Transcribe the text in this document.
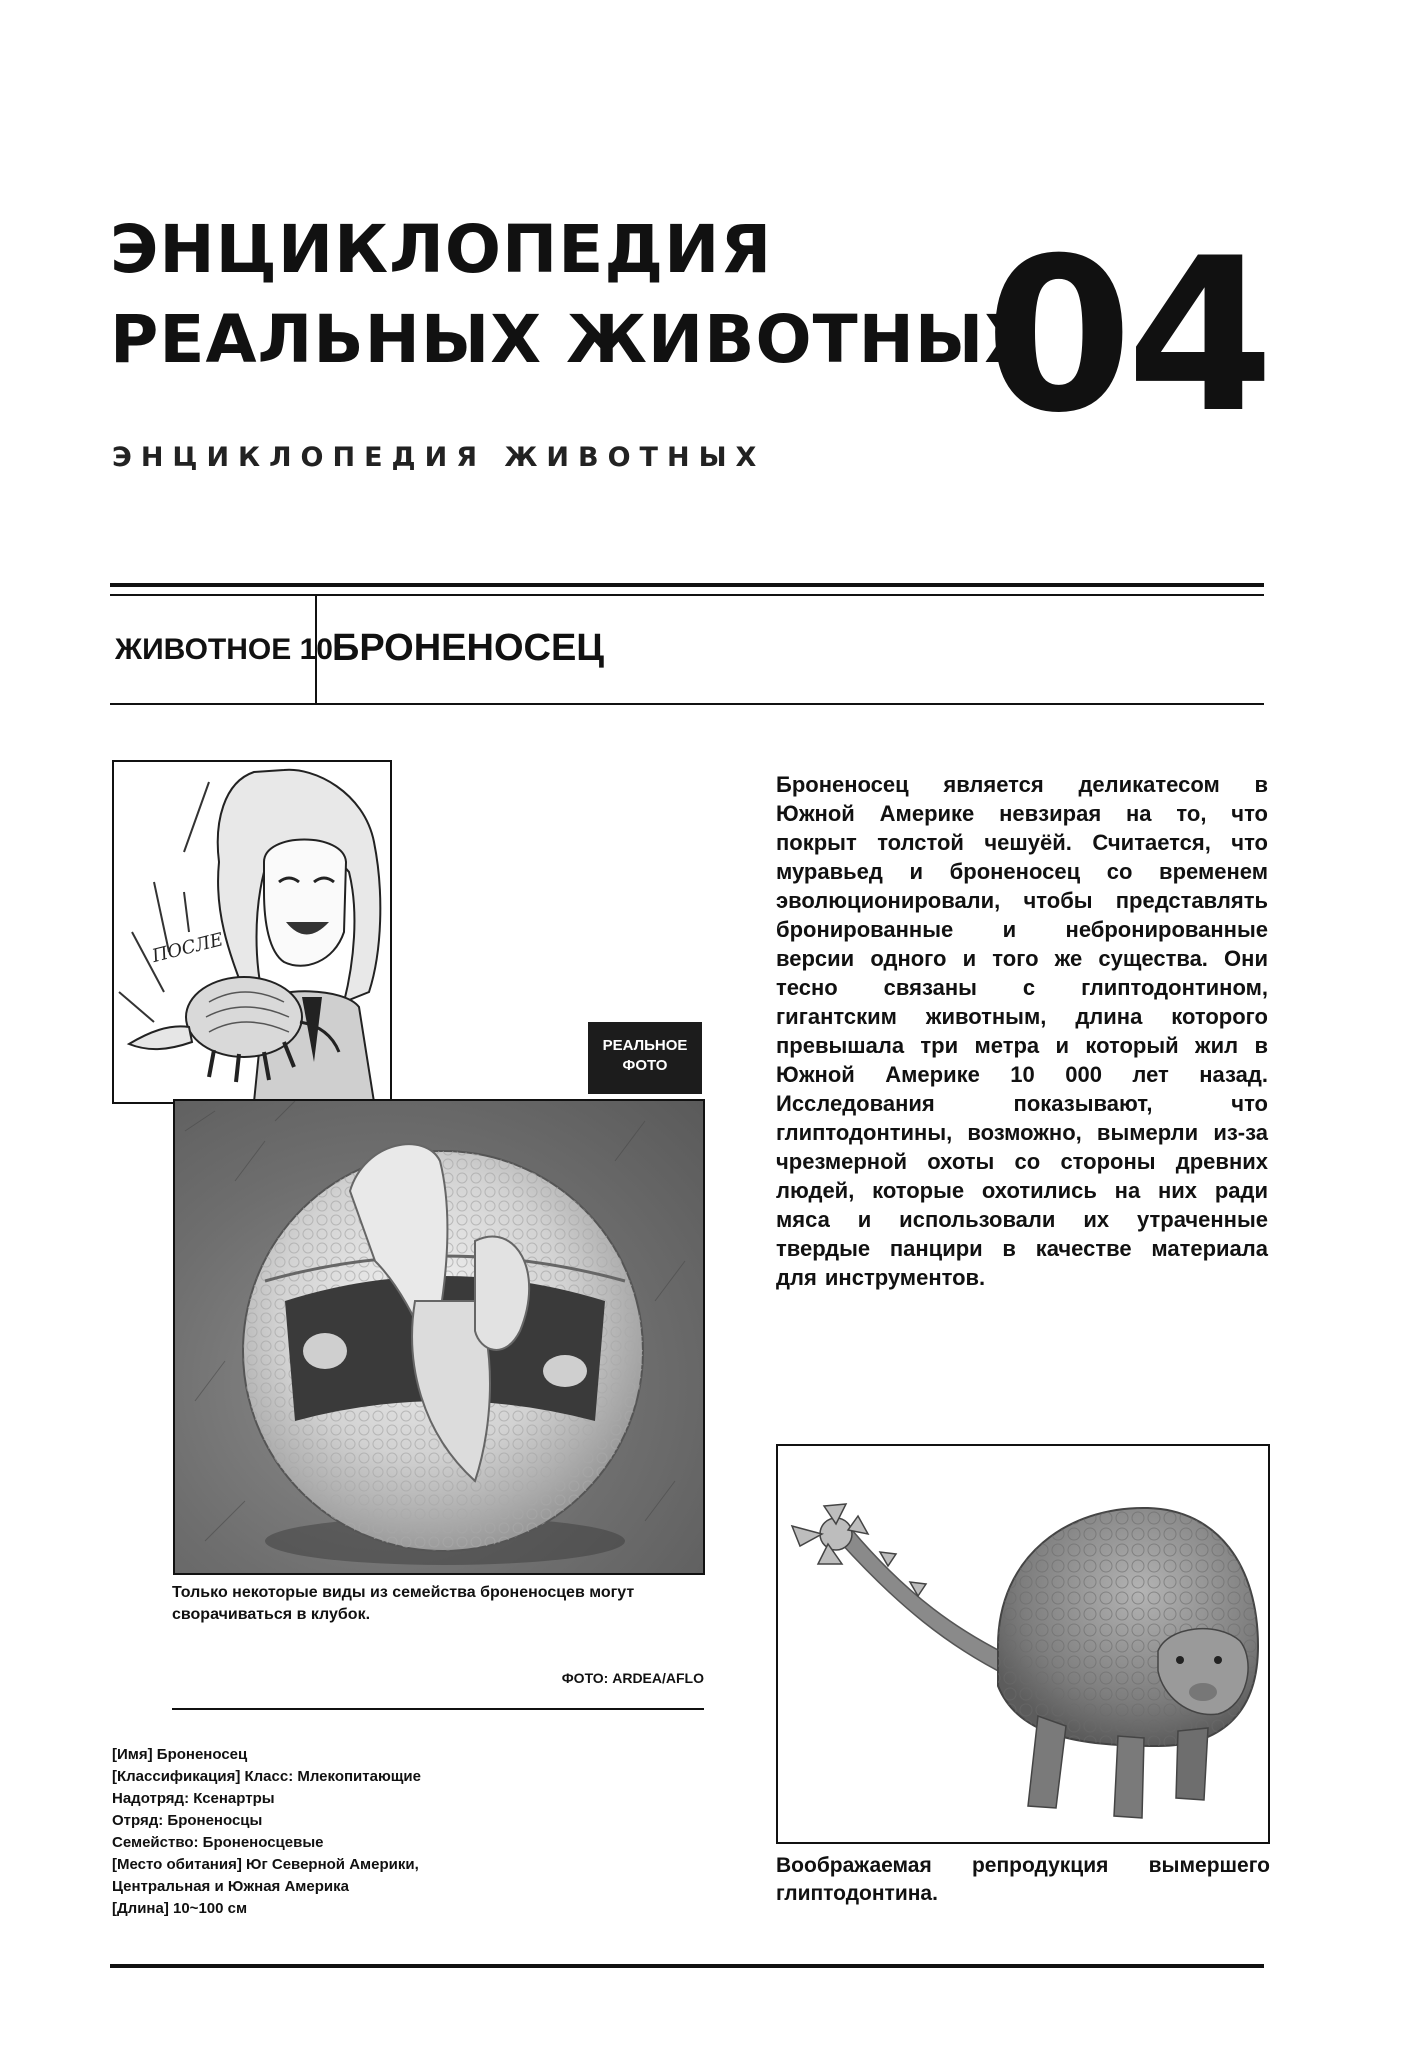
ЭНЦИКЛОПЕДИЯ
РЕАЛЬНЫХ ЖИВОТНЫХ
04
ЭНЦИКЛОПЕДИЯ ЖИВОТНЫХ
ЖИВОТНОЕ 10 БРОНЕНОСЕЦ
ПОСЛЕ
РЕАЛЬНОЕ
ФОТО
Только некоторые виды из семейства броненосцев могут сворачиваться в клубок.
ФОТО: ARDEA/AFLO

Броненосец является деликатесом в Южной Америке невзирая на то, что покрыт толстой чешуёй. Считается, что муравьед и броненосец со временем эволюционировали, чтобы представлять бронированные и небронированные версии одного и того же существа. Они тесно связаны с глиптодонтином, гигантским животным, длина которого превышала три метра и который жил в Южной Америке 10 000 лет назад. Исследования показывают, что глиптодонтины, возможно, вымерли из-за чрезмерной охоты со стороны древних людей, которые охотились на них ради мяса и использовали их утраченные твердые панцири в качестве материала для инструментов.

[Имя] Броненосец
[Классификация] Класс: Млекопитающие
Надотряд: Ксенартры
Отряд: Броненосцы
Семейство: Броненосцевые
[Место обитания] Юг Северной Америки,
Центральная и Южная Америка
[Длина] 10~100 см

Воображаемая репродукция вымершего глиптодонтина.
